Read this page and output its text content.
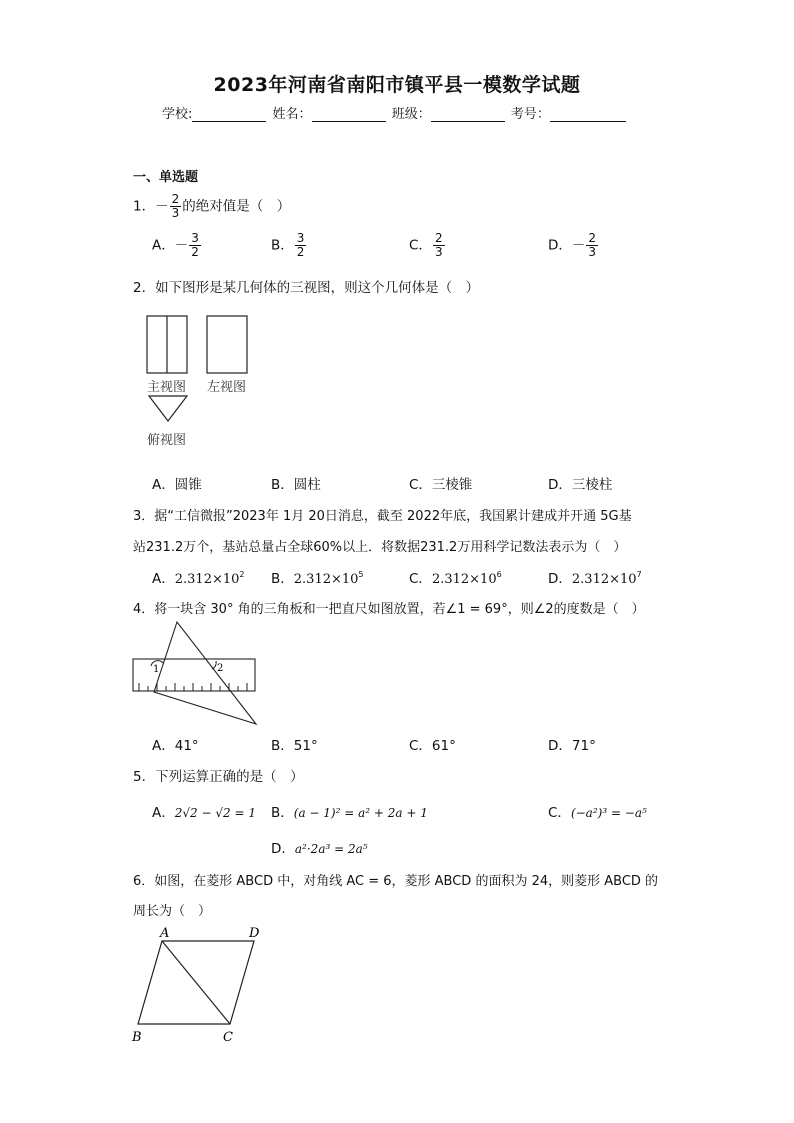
2023年河南省南阳市镇平县一模数学试题
学校:	姓名：	班级：	考号：
一、单选题
1．－ $\frac{2}{3}$ 的绝对值是（　）
A．－ $\frac{3}{2}$	B． $\frac{3}{2}$	C． $\frac{2}{3}$	D．－ $\frac{2}{3}$
2．如下图形是某几何体的三视图，则这个几何体是（　）
主视图 左视图
俯视图
A．圆锥	B．圆柱	C．三棱锥	D．三棱柱
3．据“工信微报”2023年 1月 20日消息，截至 2022年底，我国累计建成并开通 5G基
站231.2万个，基站总量占全球60%以上．将数据231.2万用科学记数法表示为（　）
A．$2.312\times 10^2$ B．$2.312\times 10^5$	C．$2.312\times 10^6$	D．$2.312\times 10^7$
4．将一块含 30° 角的三角板和一把直尺如图放置，若∠1 = 69°，则∠2的度数是（　）
1	2
A．41°	B．51°	C．61°	D．71°
5．下列运算正确的是（　）
A．2√2 − √2 = 1 B．(a − 1)² = a² + 2a + 1	C．(−a²)³ = −a⁵
D．a²·2a³ = 2a⁵
6．如图，在菱形 ABCD 中，对角线 AC = 6，菱形 ABCD 的面积为 24，则菱形 ABCD 的
周长为（　）
A	D
B	C
